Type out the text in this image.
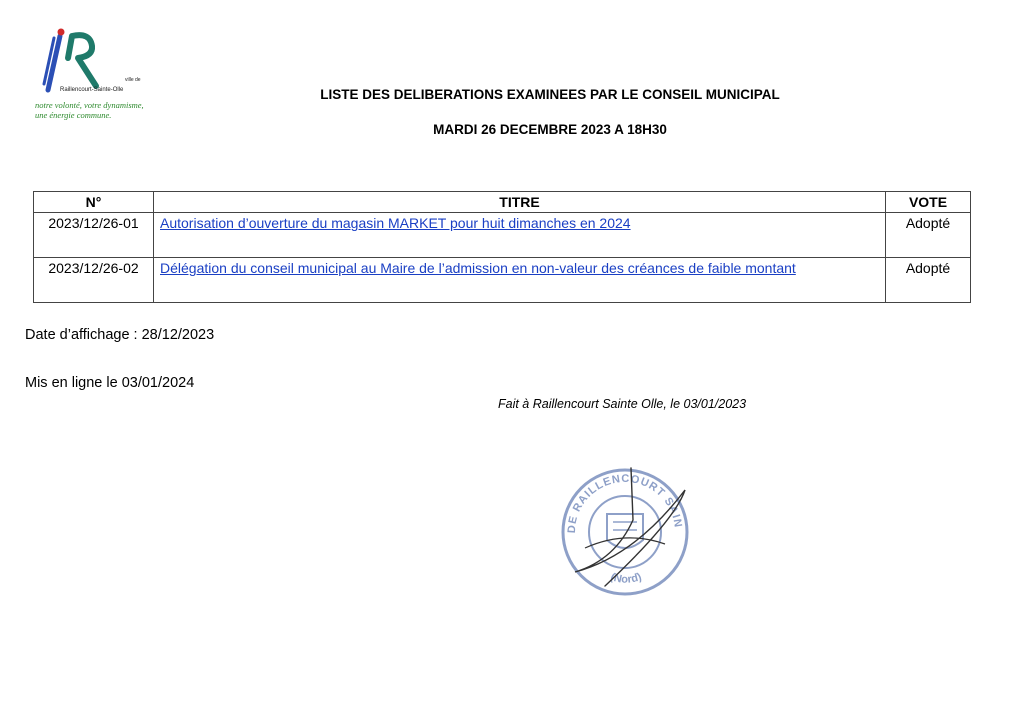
ville de
Raillencourt-Sainte-Olle
notre volonté, votre dynamisme,
une énergie commune.
LISTE DES DELIBERATIONS EXAMINEES PAR LE CONSEIL MUNICIPAL
MARDI 26 DECEMBRE 2023 A 18H30
N°	TITRE	VOTE
2023/12/26-01	Autorisation d’ouverture du magasin MARKET pour huit dimanches en 2024	Adopté
2023/12/26-02	Délégation du conseil municipal au Maire de l’admission en non-valeur des créances de faible montant	Adopté
Date d’affichage : 28/12/2023
Mis en ligne le 03/01/2024
Fait à Raillencourt Sainte Olle, le 03/01/2023
DE RAILLENCOURT SAIN
(Nord)
